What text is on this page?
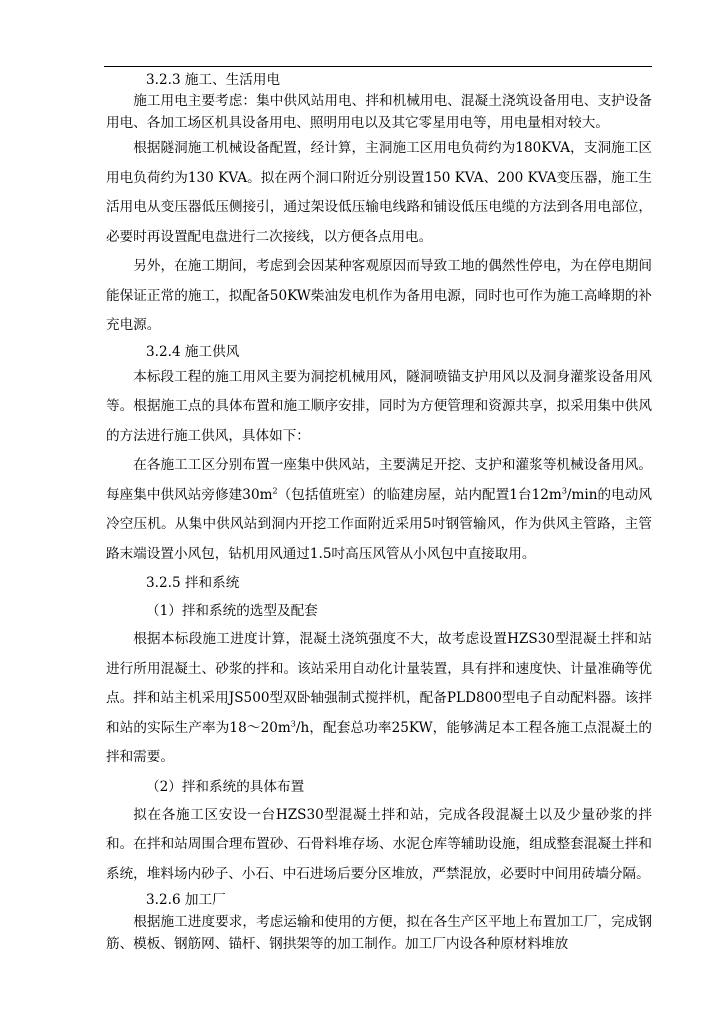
3.2.3 施工、生活用电

施工用电主要考虑：集中供风站用电、拌和机械用电、混凝土浇筑设备用电、支护设备用电、各加工场区机具设备用电、照明用电以及其它零星用电等，用电量相对较大。

根据隧洞施工机械设备配置，经计算，主洞施工区用电负荷约为180KVA，支洞施工区用电负荷约为130 KVA。拟在两个洞口附近分别设置150 KVA、200 KVA变压器，施工生活用电从变压器低压侧接引，通过架设低压输电线路和铺设低压电缆的方法到各用电部位，必要时再设置配电盘进行二次接线，以方便各点用电。

另外，在施工期间，考虑到会因某种客观原因而导致工地的偶然性停电，为在停电期间能保证正常的施工，拟配备50KW柴油发电机作为备用电源，同时也可作为施工高峰期的补充电源。

3.2.4 施工供风

本标段工程的施工用风主要为洞挖机械用风，隧洞喷锚支护用风以及洞身灌浆设备用风等。根据施工点的具体布置和施工顺序安排，同时为方便管理和资源共享，拟采用集中供风的方法进行施工供风，具体如下：

在各施工工区分别布置一座集中供风站，主要满足开挖、支护和灌浆等机械设备用风。每座集中供风站旁修建$30m^2$（包括值班室）的临建房屋，站内配置1台$12m^3/\min$的电动风冷空压机。从集中供风站到洞内开挖工作面附近采用5吋钢管输风，作为供风主管路，主管路末端设置小风包，钻机用风通过1.5吋高压风管从小风包中直接取用。

3.2.5 拌和系统

（1）拌和系统的选型及配套

根据本标段施工进度计算，混凝土浇筑强度不大，故考虑设置HZS30型混凝土拌和站进行所用混凝土、砂浆的拌和。该站采用自动化计量装置，具有拌和速度快、计量准确等优点。拌和站主机采用JS500型双卧轴强制式搅拌机，配备PLD800型电子自动配料器。该拌和站的实际生产率为$18\sim 20m^3/h$，配套总功率25KW，能够满足本工程各施工点混凝土的拌和需要。

（2）拌和系统的具体布置

拟在各施工区安设一台HZS30型混凝土拌和站，完成各段混凝土以及少量砂浆的拌和。在拌和站周围合理布置砂、石骨料堆存场、水泥仓库等辅助设施，组成整套混凝土拌和系统，堆料场内砂子、小石、中石进场后要分区堆放，严禁混放，必要时中间用砖墙分隔。

3.2.6 加工厂

根据施工进度要求，考虑运输和使用的方便，拟在各生产区平地上布置加工厂，完成钢筋、模板、钢筋网、锚杆、钢拱架等的加工制作。加工厂内设各种原材料堆放
